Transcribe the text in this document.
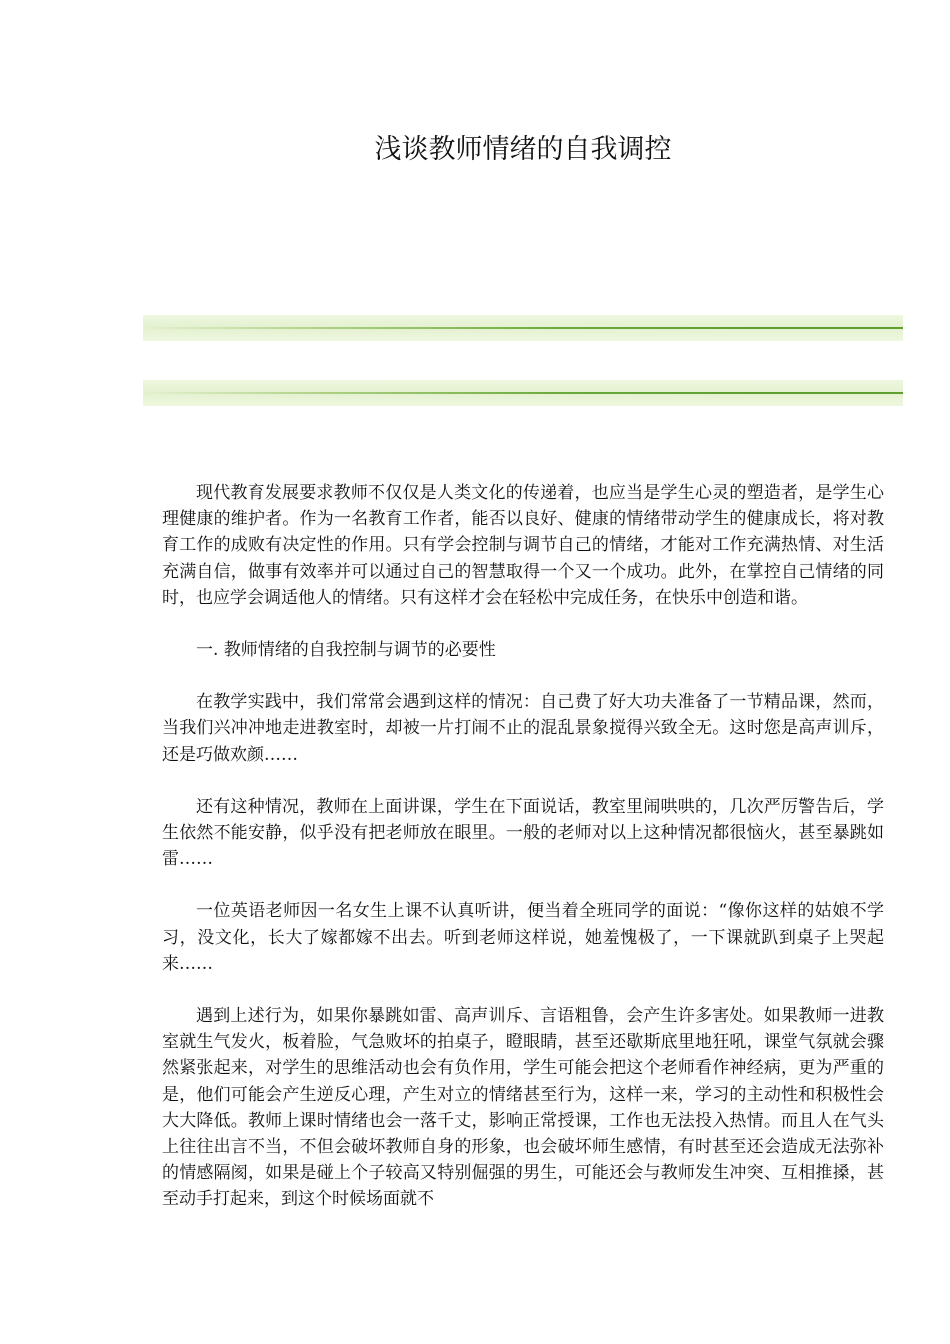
浅谈教师情绪的自我调控

现代教育发展要求教师不仅仅是人类文化的传递着，也应当是学生心灵的塑造者，是学生心理健康的维护者。作为一名教育工作者，能否以良好、健康的情绪带动学生的健康成长，将对教育工作的成败有决定性的作用。只有学会控制与调节自己的情绪，才能对工作充满热情、对生活充满自信，做事有效率并可以通过自己的智慧取得一个又一个成功。此外，在掌控自己情绪的同时，也应学会调适他人的情绪。只有这样才会在轻松中完成任务，在快乐中创造和谐。

一. 教师情绪的自我控制与调节的必要性

在教学实践中，我们常常会遇到这样的情况：自己费了好大功夫准备了一节精品课，然而，当我们兴冲冲地走进教室时，却被一片打闹不止的混乱景象搅得兴致全无。这时您是高声训斥，还是巧做欢颜……

还有这种情况，教师在上面讲课，学生在下面说话，教室里闹哄哄的，几次严厉警告后，学生依然不能安静，似乎没有把老师放在眼里。一般的老师对以上这种情况都很恼火，甚至暴跳如雷……

一位英语老师因一名女生上课不认真听讲，便当着全班同学的面说：“像你这样的姑娘不学习，没文化，长大了嫁都嫁不出去。听到老师这样说，她羞愧极了，一下课就趴到桌子上哭起来……

遇到上述行为，如果你暴跳如雷、高声训斥、言语粗鲁，会产生许多害处。如果教师一进教室就生气发火，板着脸，气急败坏的拍桌子，瞪眼睛，甚至还歇斯底里地狂吼，课堂气氛就会骤然紧张起来，对学生的思维活动也会有负作用，学生可能会把这个老师看作神经病，更为严重的是，他们可能会产生逆反心理，产生对立的情绪甚至行为，这样一来，学习的主动性和积极性会大大降低。教师上课时情绪也会一落千丈，影响正常授课，工作也无法投入热情。而且人在气头上往往出言不当，不但会破坏教师自身的形象，也会破坏师生感情，有时甚至还会造成无法弥补的情感隔阂，如果是碰上个子较高又特别倔强的男生，可能还会与教师发生冲突、互相推搡，甚至动手打起来，到这个时候场面就不
